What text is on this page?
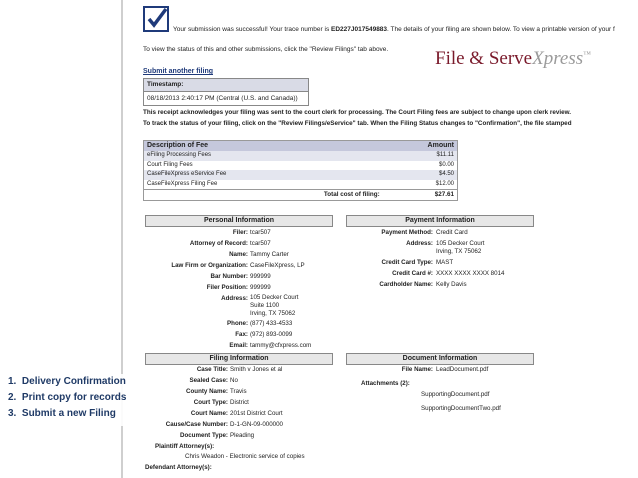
Your submission was successful! Your trace number is ED227J017549883. The details of your filing are shown below. To view a printable version of your f
To view the status of this and other submissions, click the "Review Filings" tab above. File & ServeXpress™
Submit another filing
Timestamp:
08/18/2013 2:40:17 PM (Central (U.S. and Canada))
This receipt acknowledges your filing was sent to the court clerk for processing. The Court Filing fees are subject to change upon clerk review.
To track the status of your filing, click on the "Review Filings/eService" tab. When the Filing Status changes to "Confirmation", the file stamped
Description of Fee	Amount
eFiling Processing Fees	$11.11
Court Filing Fees	$0.00
CaseFileXpress eService Fee	$4.50
CaseFileXpress Filing Fee	$12.00
Total cost of filing:	$27.61
Personal Information	Payment Information
Filer: tcar507
Attorney of Record: tcar507
Name: Tammy Carter
Law Firm or Organization: CaseFileXpress, LP
Bar Number: 999999
Filer Position: 999999
Address: 105 Decker Court
Suite 1100
Irving, TX 75062
Phone: (877) 433-4533
Fax: (972) 893-0099
Email: tammy@cfxpress.com
Payment Method: Credit Card
Address: 105 Decker Court
Irving, TX 75062
Credit Card Type: MAST
Credit Card #: XXXX XXXX XXXX 8014
Cardholder Name: Kelly Davis
Filing Information	Document Information
Case Title: Smith v Jones et al
Sealed Case: No
County Name: Travis
Court Type: District
Court Name: 201st District Court
Cause/Case Number: D-1-GN-09-000000
Document Type: Pleading
Plaintiff Attorney(s):
Chris Weadon - Electronic service of copies
Defendant Attorney(s):
File Name: LeadDocument.pdf
Attachments (2):
SupportingDocument.pdf
SupportingDocumentTwo.pdf
1. Delivery Confirmation
2. Print copy for records
3. Submit a new Filing
